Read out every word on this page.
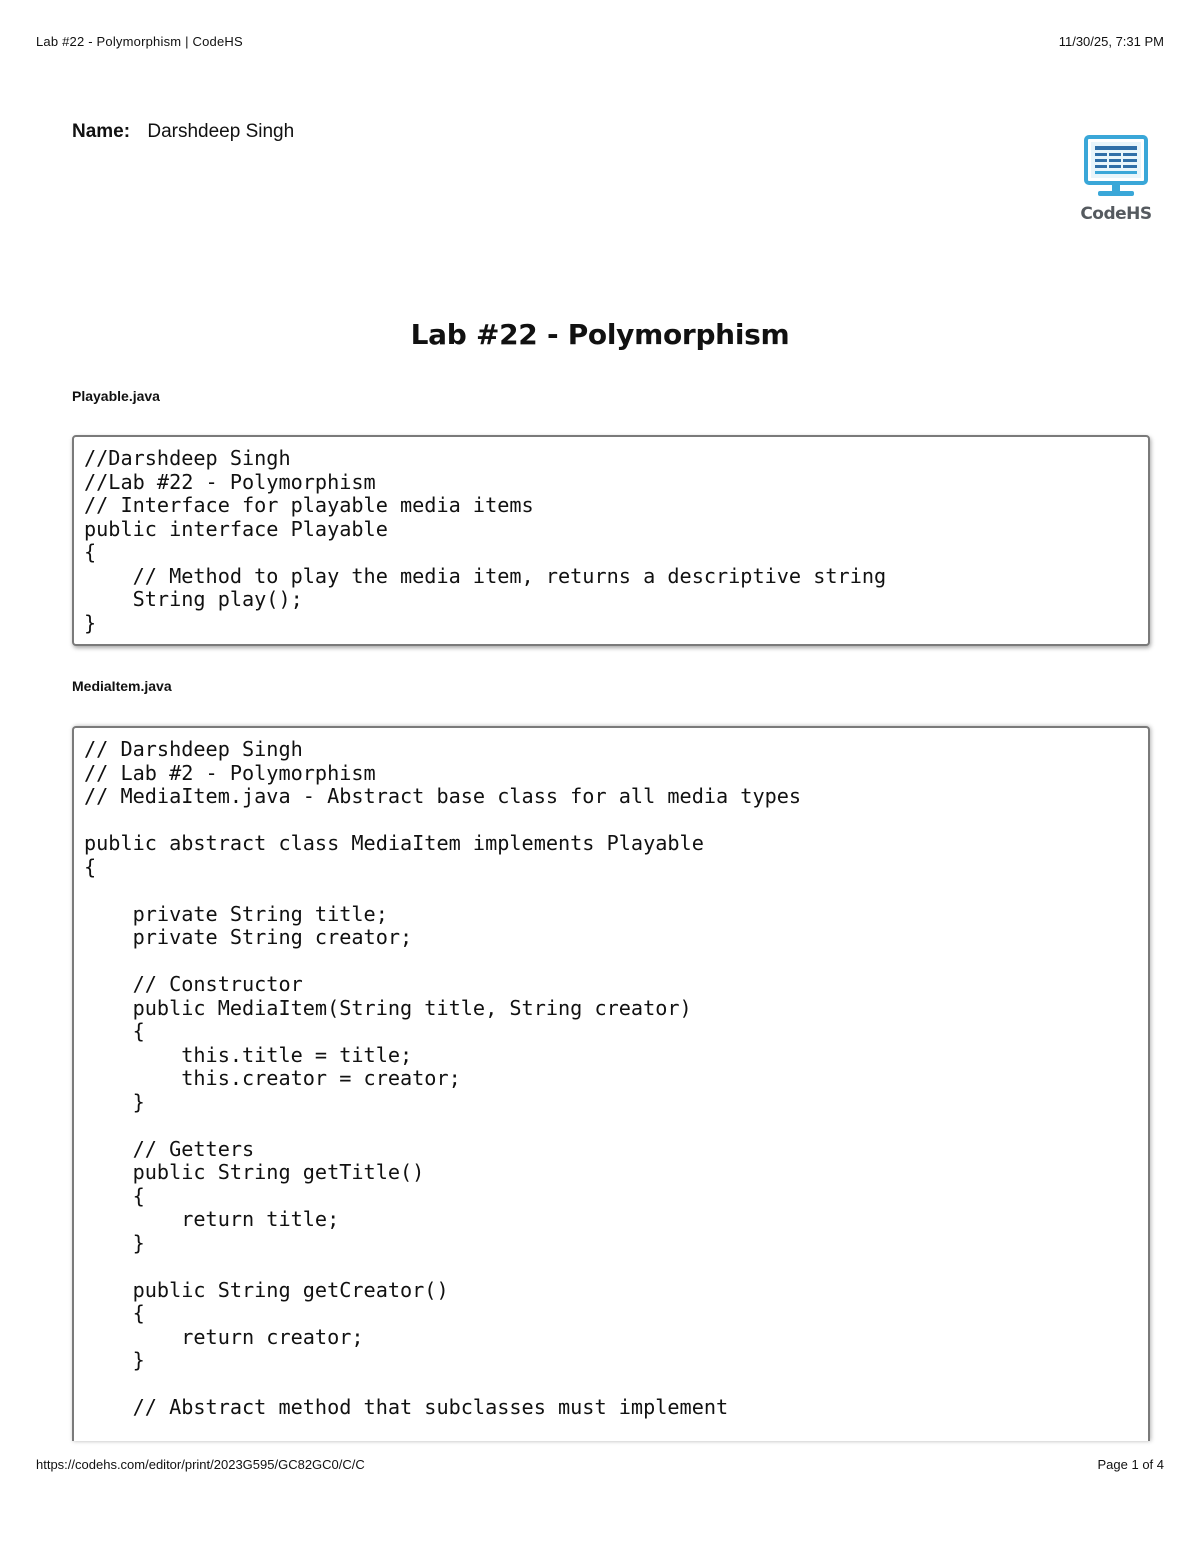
Lab #22 - Polymorphism | CodeHS	11/30/25, 7:31 PM
Name: Darshdeep Singh
CodeHS
Lab #22 - Polymorphism
Playable.java
//Darshdeep Singh
//Lab #22 - Polymorphism
// Interface for playable media items
public interface Playable
{
// Method to play the media item, returns a descriptive string
String play();
}
MediaItem.java
// Darshdeep Singh
// Lab #2 - Polymorphism
// MediaItem.java - Abstract base class for all media types

public abstract class MediaItem implements Playable
{

private String title;
private String creator;

// Constructor
public MediaItem(String title, String creator)
{
this.title = title;
this.creator = creator;
}

// Getters
public String getTitle()
{
return title;
}

public String getCreator()
{
return creator;
}

// Abstract method that subclasses must implement
https://codehs.com/editor/print/2023G595/GC82GC0/C/C	Page 1 of 4
